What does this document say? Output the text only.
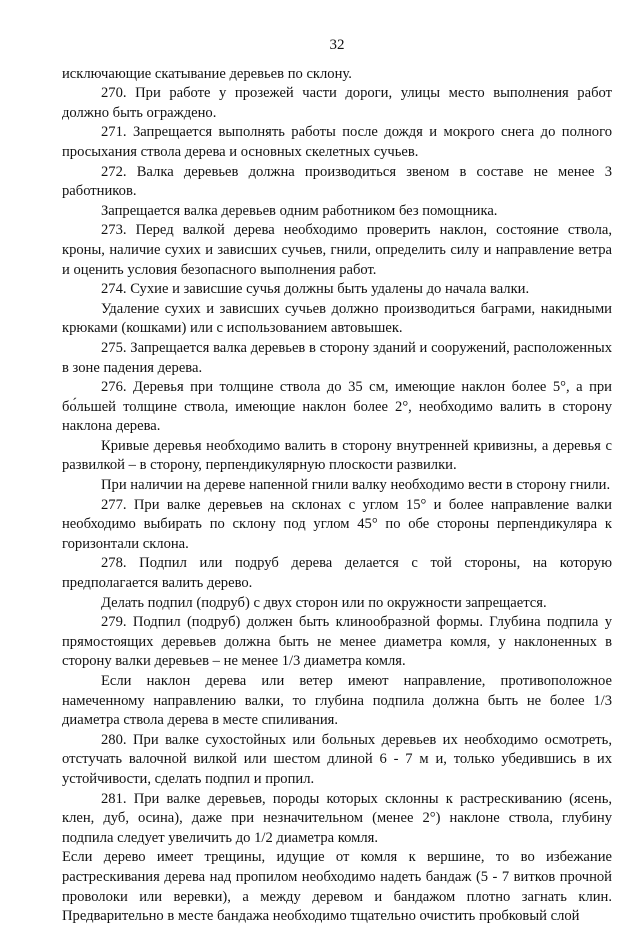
32

исключающие скатывание деревьев по склону.

270. При работе у прозежей части дороги, улицы место выполнения работ должно быть ограждено.

271. Запрещается выполнять работы после дождя и мокрого снега до полного просыхания ствола дерева и основных скелетных сучьев.

272. Валка деревьев должна производиться звеном в составе не менее 3 работников.

Запрещается валка деревьев одним работником без помощника.

273. Перед валкой дерева необходимо проверить наклон, состояние ствола, кроны, наличие сухих и зависших сучьев, гнили, определить силу и направление ветра и оценить условия безопасного выполнения работ.

274. Сухие и зависшие сучья должны быть удалены до начала валки.

Удаление сухих и зависших сучьев должно производиться баграми, накидными крюками (кошками) или с использованием автовышек.

275. Запрещается валка деревьев в сторону зданий и сооружений, расположенных в зоне падения дерева.

276. Деревья при толщине ствола до 35 см, имеющие наклон более 5°, а при бо́льшей толщине ствола, имеющие наклон более 2°, необходимо валить в сторону наклона дерева.

Кривые деревья необходимо валить в сторону внутренней кривизны, а деревья с развилкой – в сторону, перпендикулярную плоскости развилки.

При наличии на дереве напенной гнили валку необходимо вести в сторону гнили.

277. При валке деревьев на склонах с углом 15° и более направление валки необходимо выбирать по склону под углом 45° по обе стороны перпендикуляра к горизонтали склона.

278. Подпил или подруб дерева делается с той стороны, на которую предполагается валить дерево.

Делать подпил (подруб) с двух сторон или по окружности запрещается.

279. Подпил (подруб) должен быть клинообразной формы. Глубина подпила у прямостоящих деревьев должна быть не менее диаметра комля, у наклоненных в сторону валки деревьев – не менее 1/3 диаметра комля.

Если наклон дерева или ветер имеют направление, противоположное намеченному направлению валки, то глубина подпила должна быть не более 1/3 диаметра ствола дерева в месте спиливания.

280. При валке сухостойных или больных деревьев их необходимо осмотреть, отстучать валочной вилкой или шестом длиной 6 - 7 м и, только убедившись в их устойчивости, сделать подпил и пропил.

281. При валке деревьев, породы которых склонны к растрескиванию (ясень, клен, дуб, осина), даже при незначительном (менее 2°) наклоне ствола, глубину подпила следует увеличить до 1/2 диаметра комля.

Если дерево имеет трещины, идущие от комля к вершине, то во избежание растрескивания дерева над пропилом необходимо надеть бандаж (5 - 7 витков прочной проволоки или веревки), а между деревом и бандажом плотно загнать клин. Предварительно в месте бандажа необходимо тщательно очистить пробковый слой
